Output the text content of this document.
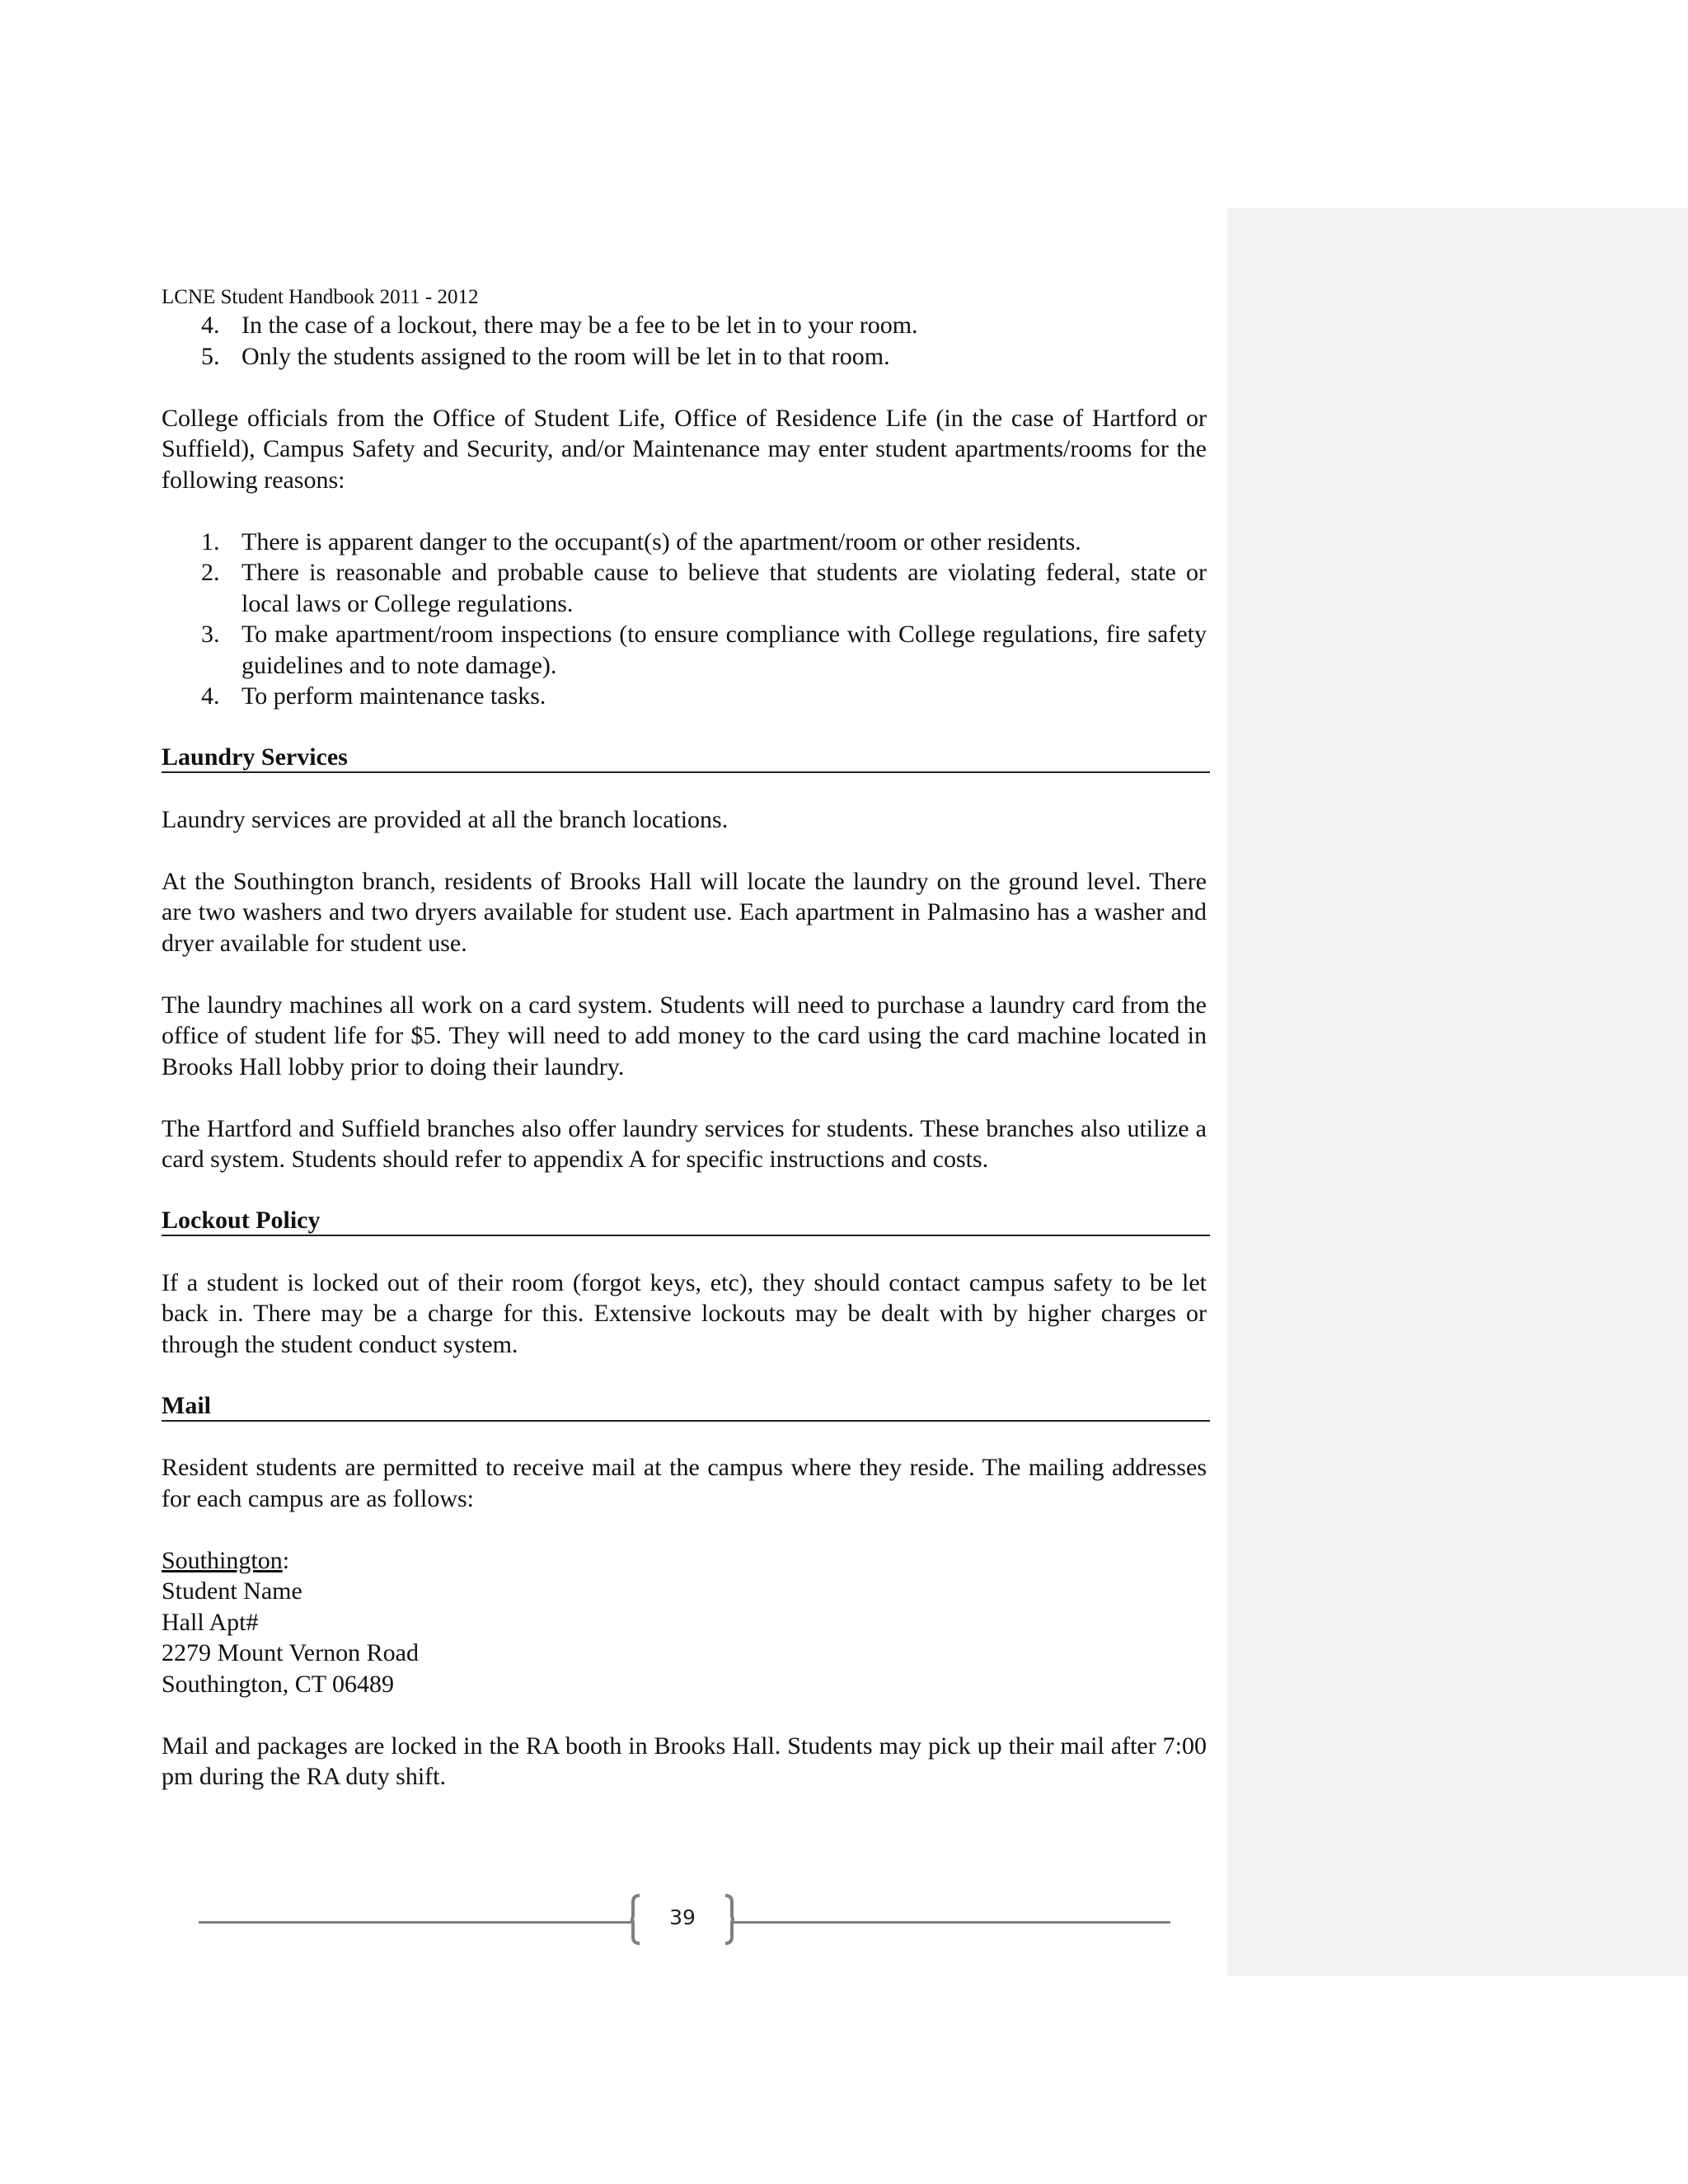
LCNE Student Handbook 2011 - 2012
4. In the case of a lockout, there may be a fee to be let in to your room.
5. Only the students assigned to the room will be let in to that room.

College officials from the Office of Student Life, Office of Residence Life (in the case of Hartford or Suffield), Campus Safety and Security, and/or Maintenance may enter student apartments/rooms for the following reasons:

1. There is apparent danger to the occupant(s) of the apartment/room or other residents.
2. There is reasonable and probable cause to believe that students are violating federal, state or local laws or College regulations.
3. To make apartment/room inspections (to ensure compliance with College regulations, fire safety guidelines and to note damage).
4. To perform maintenance tasks.
Laundry Services

Laundry services are provided at all the branch locations.

At the Southington branch, residents of Brooks Hall will locate the laundry on the ground level. There are two washers and two dryers available for student use. Each apartment in Palmasino has a washer and dryer available for student use.

The laundry machines all work on a card system. Students will need to purchase a laundry card from the office of student life for $5. They will need to add money to the card using the card machine located in Brooks Hall lobby prior to doing their laundry.

The Hartford and Suffield branches also offer laundry services for students. These branches also utilize a card system. Students should refer to appendix A for specific instructions and costs.

Lockout Policy

If a student is locked out of their room (forgot keys, etc), they should contact campus safety to be let back in. There may be a charge for this. Extensive lockouts may be dealt with by higher charges or through the student conduct system.

Mail

Resident students are permitted to receive mail at the campus where they reside. The mailing addresses for each campus are as follows:

Southington:
Student Name
Hall Apt#
2279 Mount Vernon Road
Southington, CT 06489

Mail and packages are locked in the RA booth in Brooks Hall. Students may pick up their mail after 7:00 pm during the RA duty shift.

39
